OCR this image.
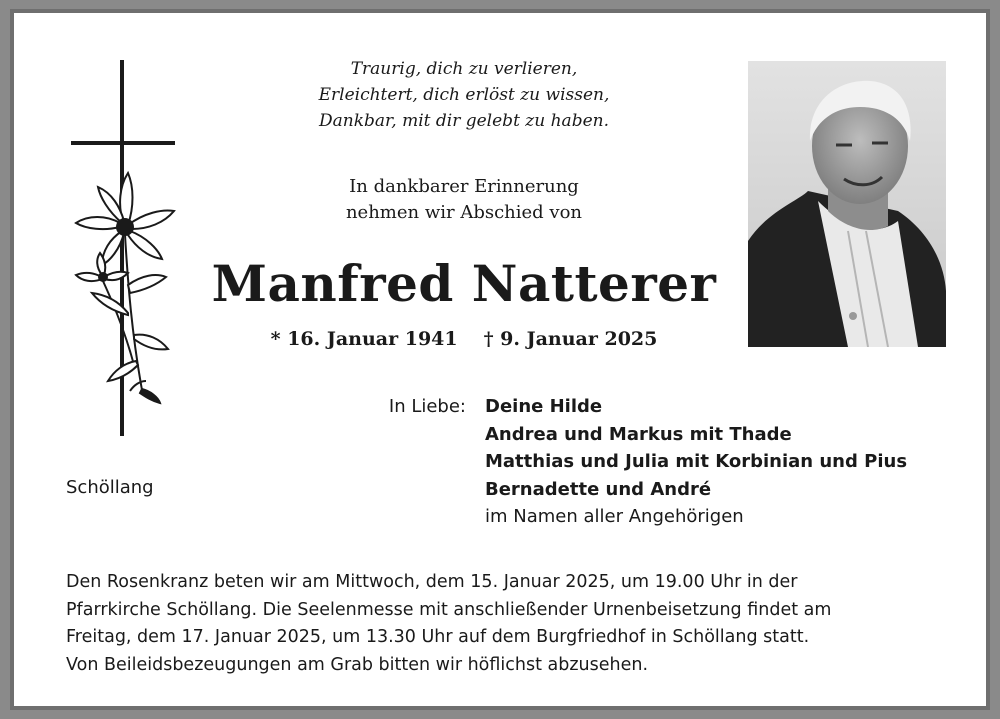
Traurig, dich zu verlieren,
Erleichtert, dich erlöst zu wissen,
Dankbar, mit dir gelebt zu haben.
In dankbarer Erinnerung
nehmen wir Abschied von
Manfred Natterer
* 16. Januar 1941 † 9. Januar 2025
Schöllang
In Liebe: Deine Hilde
Andrea und Markus mit Thade
Matthias und Julia mit Korbinian und Pius
Bernadette und André
im Namen aller Angehörigen
Den Rosenkranz beten wir am Mittwoch, dem 15. Januar 2025, um 19.00 Uhr in der
Pfarrkirche Schöllang. Die Seelenmesse mit anschließender Urnenbeisetzung findet am
Freitag, dem 17. Januar 2025, um 13.30 Uhr auf dem Burgfriedhof in Schöllang statt.
Von Beileidsbezeugungen am Grab bitten wir höflichst abzusehen.
